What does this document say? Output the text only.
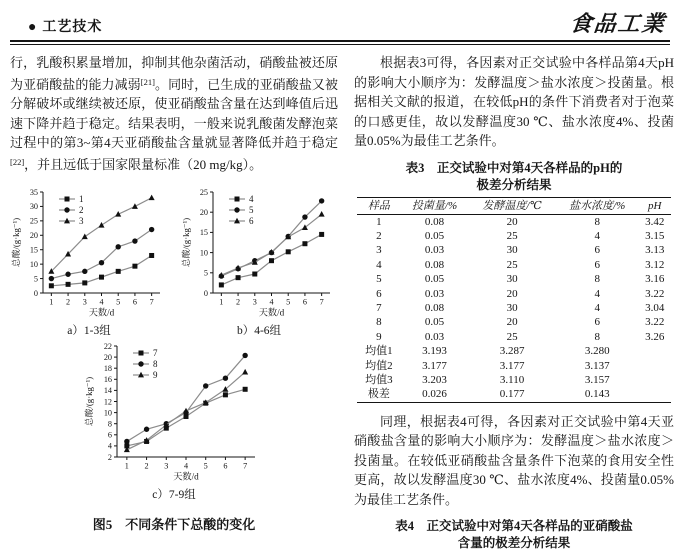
● 工艺技术	食品工業

行，乳酸积累量增加，抑制其他杂菌活动，硝酸盐被还原为亚硝酸盐的能力减弱[21]。同时，已生成的亚硝酸盐又被分解破坏或继续被还原，使亚硝酸盐含量在达到峰值后迅速下降并趋于稳定。结果表明，一般来说乳酸菌发酵泡菜过程中的第3~第4天亚硝酸盐含量就显著降低并趋于稳定[22]，并且远低于国家限量标准（20 mg/kg）。

0
5
10
15
20
25
30
35
1 2 3 4 5 6 7
总酸/(g·kg⁻¹)
天数/d
1
2
3
a）1-3组
0
5
10
15
20
25
1 2 3 4 5 6 7
总酸/(g·kg⁻¹)
天数/d
4
5
6
b）4-6组
2
4
6
8
10
12
14
16
18
20
22
1 2 3 4 5 6 7
总酸/(g·kg⁻¹)
天数/d
7
8
9
c）7-9组
图5　不同条件下总酸的变化

根据表3可得，各因素对正交试验中各样品第4天pH的影响大小顺序为：发酵温度＞盐水浓度＞投菌量。根据相关文献的报道，在较低pH的条件下消费者对于泡菜的口感更佳，故以发酵温度30 ℃、盐水浓度4%、投菌量0.05%为最佳工艺条件。

表3　正交试验中对第4天各样品的pH的
极差分析结果
样品	投菌量/%	发酵温度/℃	盐水浓度/%	pH
1	0.08	20	8	3.42
2	0.05	25	4	3.15
3	0.03	30	6	3.13
4	0.08	25	6	3.12
5	0.05	30	8	3.16
6	0.03	20	4	3.22
7	0.08	30	4	3.04
8	0.05	20	6	3.22
9	0.03	25	8	3.26
均值1	3.193	3.287	3.280	
均值2	3.177	3.177	3.137	
均值3	3.203	3.110	3.157	
极差	0.026	0.177	0.143	

同理，根据表4可得，各因素对正交试验中第4天亚硝酸盐含量的影响大小顺序为：发酵温度＞盐水浓度＞投菌量。在较低亚硝酸盐含量条件下泡菜的食用安全性更高，故以发酵温度30 ℃、盐水浓度4%、投菌量0.05%为最佳工艺条件。

表4　正交试验中对第4天各样品的亚硝酸盐
含量的极差分析结果
